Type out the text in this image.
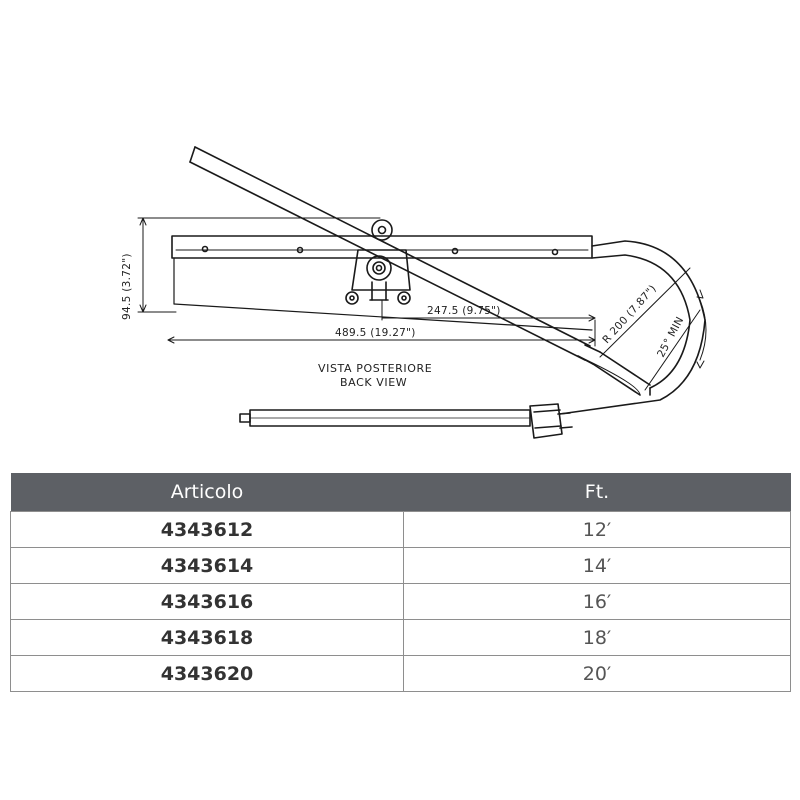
94.5 (3.72")	247.5 (9.75")
489.5 (19.27")	R 200 (7.87")
25° MIN
VISTA POSTERIORE
BACK VIEW
Articolo	Ft.
4343612	12′
4343614	14′
4343616	16′
4343618	18′
4343620	20′
